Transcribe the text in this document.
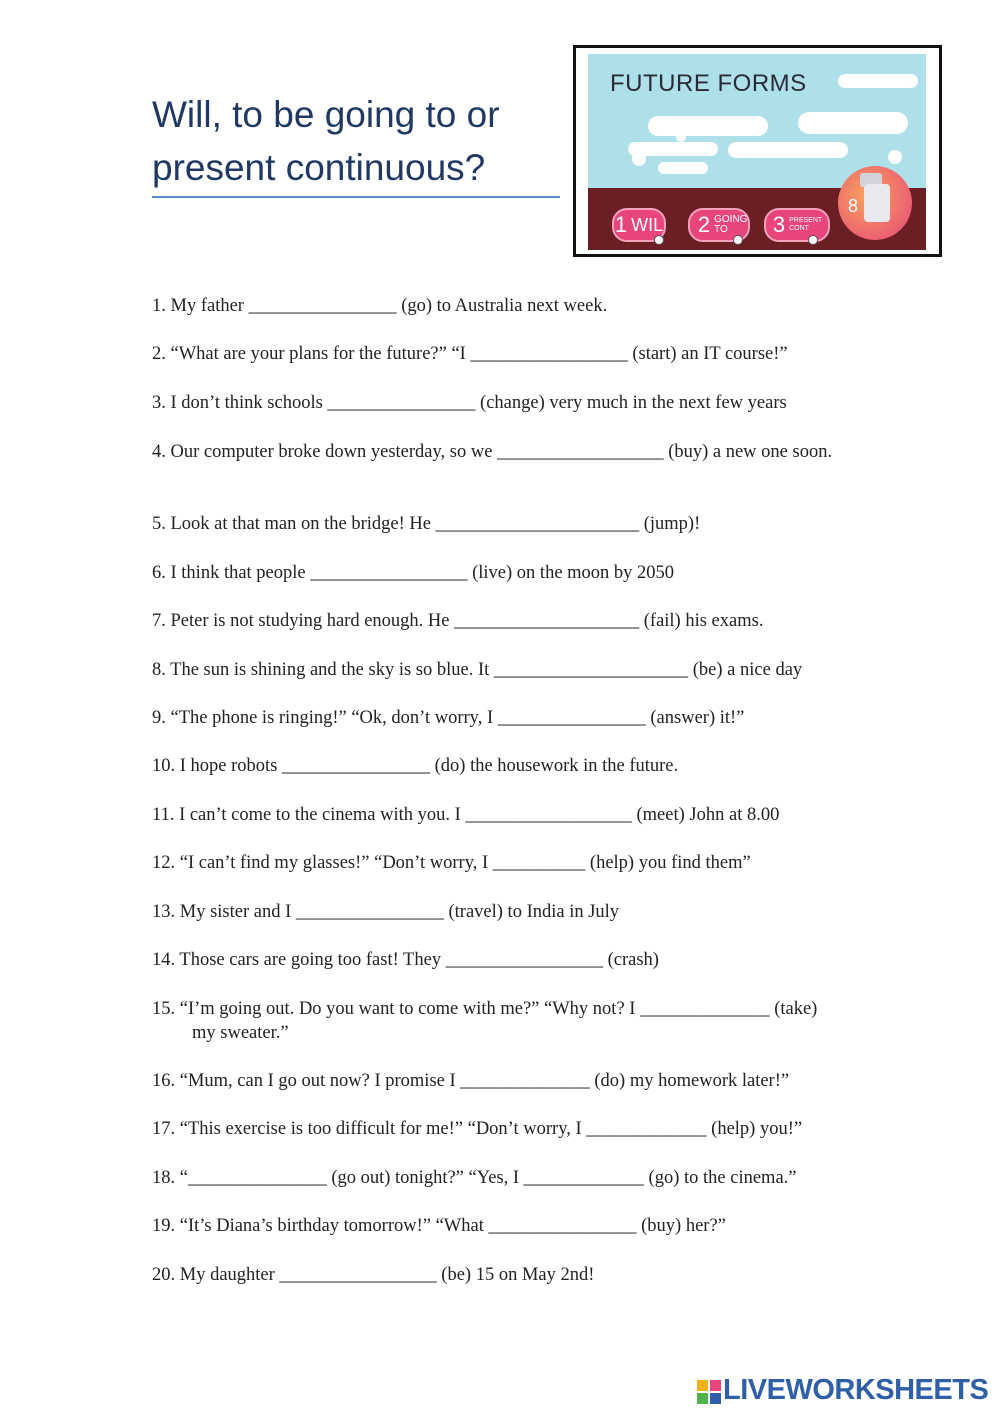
Will, to be going to or
present continuous?
FUTURE FORMS
1 WIL 2 GOING TO	3 PRESENT CONT
8
1. My father ________________ (go) to Australia next week.
2. “What are your plans for the future?” “I _________________ (start) an IT course!”
3. I don’t think schools ________________ (change) very much in the next few years
4. Our computer broke down yesterday, so we __________________ (buy) a new one soon.
5. Look at that man on the bridge! He ______________________ (jump)!
6. I think that people _________________ (live) on the moon by 2050
7. Peter is not studying hard enough. He ____________________ (fail) his exams.
8. The sun is shining and the sky is so blue. It _____________________ (be) a nice day
9. “The phone is ringing!” “Ok, don’t worry, I ________________ (answer) it!”
10. I hope robots ________________ (do) the housework in the future.
11. I can’t come to the cinema with you. I __________________ (meet) John at 8.00
12. “I can’t find my glasses!” “Don’t worry, I __________ (help) you find them”
13. My sister and I ________________ (travel) to India in July
14. Those cars are going too fast! They _________________ (crash)
15. “I’m going out. Do you want to come with me?” “Why not? I ______________ (take)
my sweater.”
16. “Mum, can I go out now? I promise I ______________ (do) my homework later!”
17. “This exercise is too difficult for me!” “Don’t worry, I _____________ (help) you!”
18. “_______________ (go out) tonight?” “Yes, I _____________ (go) to the cinema.”
19. “It’s Diana’s birthday tomorrow!” “What ________________ (buy) her?”
20. My daughter _________________ (be) 15 on May 2nd!
LIVEWORKSHEETS
